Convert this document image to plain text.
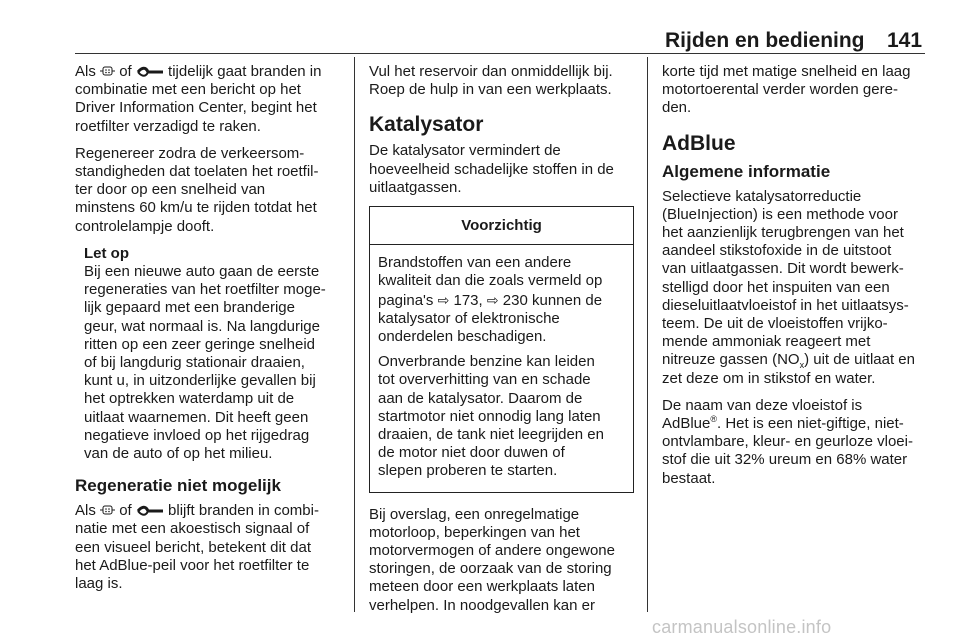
Rijden en bediening 141

Als of tijdelijk gaat branden in
combinatie met een bericht op het
Driver Information Center, begint het
roetfilter verzadigd te raken.

Regenereer zodra de verkeersom-
standigheden dat toelaten het roetfil-
ter door op een snelheid van
minstens 60 km/u te rijden totdat het
controlelampje dooft.

Let op
Bij een nieuwe auto gaan de eerste
regeneraties van het roetfilter moge-
lijk gepaard met een branderige
geur, wat normaal is. Na langdurige
ritten op een zeer geringe snelheid
of bij langdurig stationair draaien,
kunt u, in uitzonderlijke gevallen bij
het optrekken waterdamp uit de
uitlaat waarnemen. Dit heeft geen
negatieve invloed op het rijgedrag
van de auto of op het milieu.
Regeneratie niet mogelijk

Als of blijft branden in combi-
natie met een akoestisch signaal of
een visueel bericht, betekent dit dat
het AdBlue-peil voor het roetfilter te
laag is.

Vul het reservoir dan onmiddellijk bij.
Roep de hulp in van een werkplaats.

Katalysator

De katalysator vermindert de
hoeveelheid schadelijke stoffen in de
uitlaatgassen.

Voorzichtig

Brandstoffen van een andere
kwaliteit dan die zoals vermeld op
pagina's ⇨ 173, ⇨ 230 kunnen de
katalysator of elektronische
onderdelen beschadigen.

Onverbrande benzine kan leiden
tot oververhitting van en schade
aan de katalysator. Daarom de
startmotor niet onnodig lang laten
draaien, de tank niet leegrijden en
de motor niet door duwen of
slepen proberen te starten.

Bij overslag, een onregelmatige
motorloop, beperkingen van het
motorvermogen of andere ongewone
storingen, de oorzaak van de storing
meteen door een werkplaats laten
verhelpen. In noodgevallen kan er

korte tijd met matige snelheid en laag
motortoerental verder worden gere-
den.

AdBlue
Algemene informatie

Selectieve katalysatorreductie
(BlueInjection) is een methode voor
het aanzienlijk terugbrengen van het
aandeel stikstofoxide in de uitstoot
van uitlaatgassen. Dit wordt bewerk-
stelligd door het inspuiten van een
dieseluitlaatvloeistof in het uitlaatsys-
teem. De uit de vloeistoffen vrijko-
mende ammoniak reageert met
nitreuze gassen $(NO_x)$ uit de uitlaat en
zet deze om in stikstof en water.

De naam van deze vloeistof is
AdBlue®. Het is een niet-giftige, niet-
ontvlambare, kleur- en geurloze vloei-
stof die uit 32% ureum en 68% water
bestaat.

carmanualsonline.info
